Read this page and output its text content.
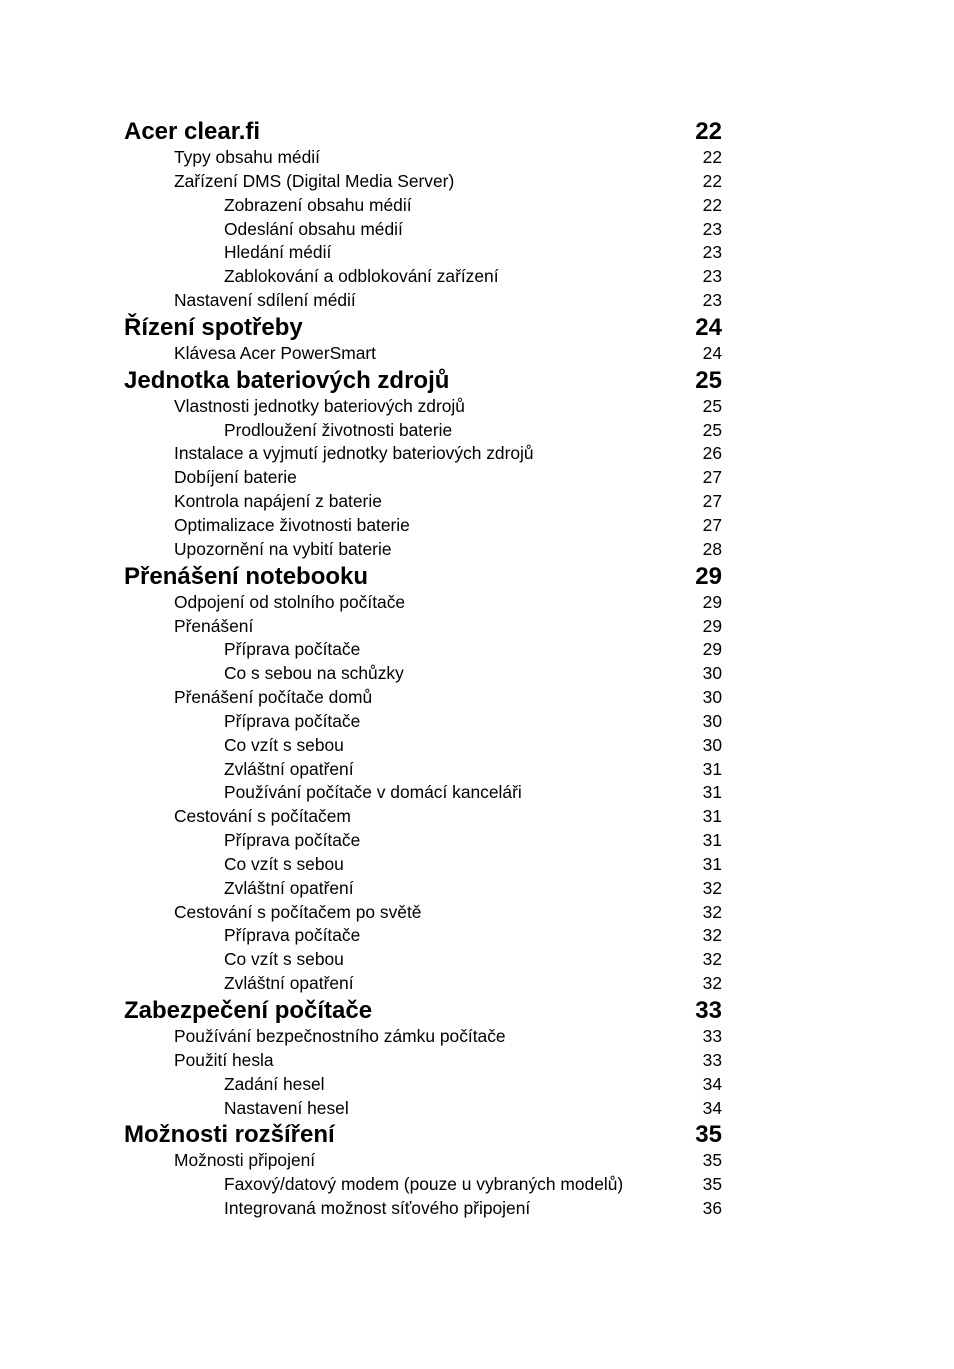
Acer clear.fi	22
Typy obsahu médií	22
Zařízení DMS (Digital Media Server)	22
Zobrazení obsahu médií	22
Odeslání obsahu médií	23
Hledání médií	23
Zablokování a odblokování zařízení	23
Nastavení sdílení médií	23
Řízení spotřeby	24
Klávesa Acer PowerSmart	24
Jednotka bateriových zdrojů	25
Vlastnosti jednotky bateriových zdrojů	25
Prodloužení životnosti baterie	25
Instalace a vyjmutí jednotky bateriových zdrojů	26
Dobíjení baterie	27
Kontrola napájení z baterie	27
Optimalizace životnosti baterie	27
Upozornění na vybití baterie	28
Přenášení notebooku	29
Odpojení od stolního počítače	29
Přenášení	29
Příprava počítače	29
Co s sebou na schůzky	30
Přenášení počítače domů	30
Příprava počítače	30
Co vzít s sebou	30
Zvláštní opatření	31
Používání počítače v domácí kanceláři	31
Cestování s počítačem	31
Příprava počítače	31
Co vzít s sebou	31
Zvláštní opatření	32
Cestování s počítačem po světě	32
Příprava počítače	32
Co vzít s sebou	32
Zvláštní opatření	32
Zabezpečení počítače	33
Používání bezpečnostního zámku počítače	33
Použití hesla	33
Zadání hesel	34
Nastavení hesel	34
Možnosti rozšíření	35
Možnosti připojení	35
Faxový/datový modem (pouze u vybraných modelů)	35
Integrovaná možnost síťového připojení	36
